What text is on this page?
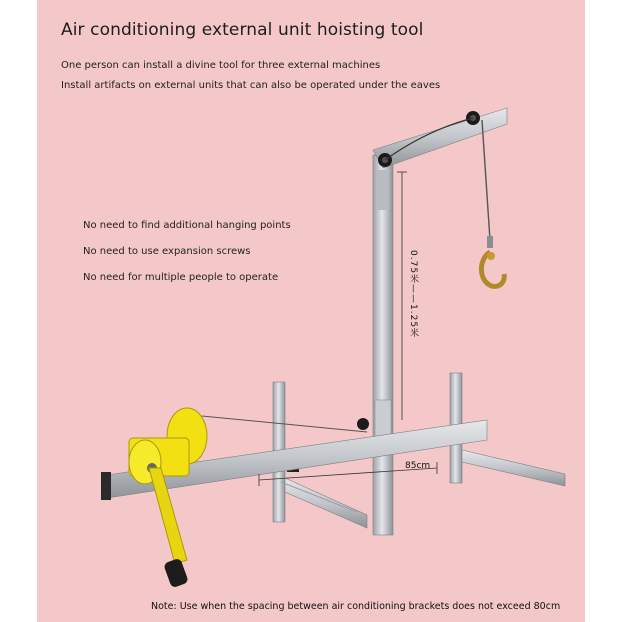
Air conditioning external unit hoisting tool
One person can install a divine tool for three external machines
Install artifacts on external units that can also be operated under the eaves
No need to find additional hanging points
No need to use expansion screws
No need for multiple people to operate	0.75米——1.25米
85cm
Note: Use when the spacing between air conditioning brackets does not exceed 80cm
